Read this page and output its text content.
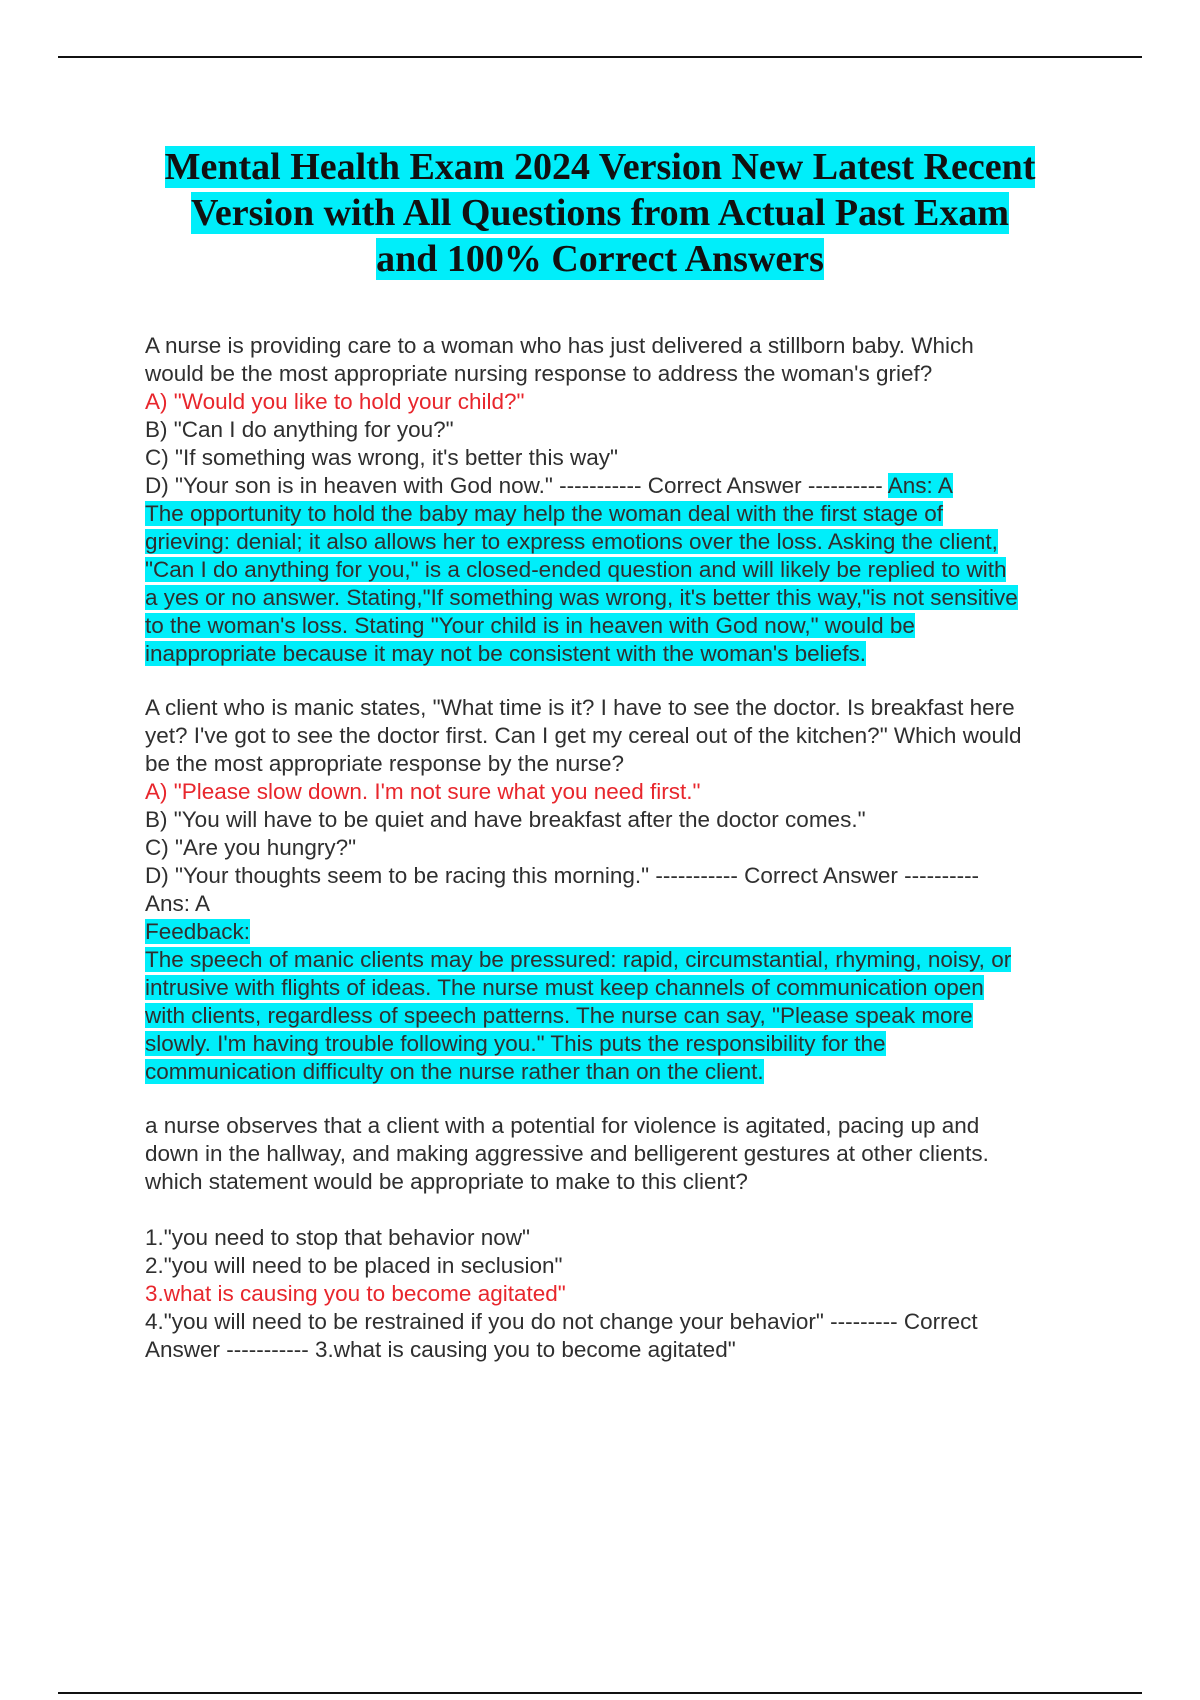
Mental Health Exam 2024 Version New Latest Recent
Version with All Questions from Actual Past Exam
and 100% Correct Answers
A nurse is providing care to a woman who has just delivered a stillborn baby. Which
would be the most appropriate nursing response to address the woman's grief?
A) "Would you like to hold your child?"
B) "Can I do anything for you?"
C) "If something was wrong, it's better this way"
D) "Your son is in heaven with God now." ----------- Correct Answer ---------- Ans: A
The opportunity to hold the baby may help the woman deal with the first stage of
grieving: denial; it also allows her to express emotions over the loss. Asking the client,
"Can I do anything for you," is a closed-ended question and will likely be replied to with
a yes or no answer. Stating,"If something was wrong, it's better this way,"is not sensitive
to the woman's loss. Stating "Your child is in heaven with God now," would be
inappropriate because it may not be consistent with the woman's beliefs.
A client who is manic states, "What time is it? I have to see the doctor. Is breakfast here
yet? I've got to see the doctor first. Can I get my cereal out of the kitchen?" Which would
be the most appropriate response by the nurse?
A) "Please slow down. I'm not sure what you need first."
B) "You will have to be quiet and have breakfast after the doctor comes."
C) "Are you hungry?"
D) "Your thoughts seem to be racing this morning." ----------- Correct Answer ----------
Ans: A
Feedback:
The speech of manic clients may be pressured: rapid, circumstantial, rhyming, noisy, or
intrusive with flights of ideas. The nurse must keep channels of communication open
with clients, regardless of speech patterns. The nurse can say, "Please speak more
slowly. I'm having trouble following you." This puts the responsibility for the
communication difficulty on the nurse rather than on the client.
a nurse observes that a client with a potential for violence is agitated, pacing up and
down in the hallway, and making aggressive and belligerent gestures at other clients.
which statement would be appropriate to make to this client?
1."you need to stop that behavior now"
2."you will need to be placed in seclusion"
3.what is causing you to become agitated"
4."you will need to be restrained if you do not change your behavior" --------- Correct
Answer ----------- 3.what is causing you to become agitated"
